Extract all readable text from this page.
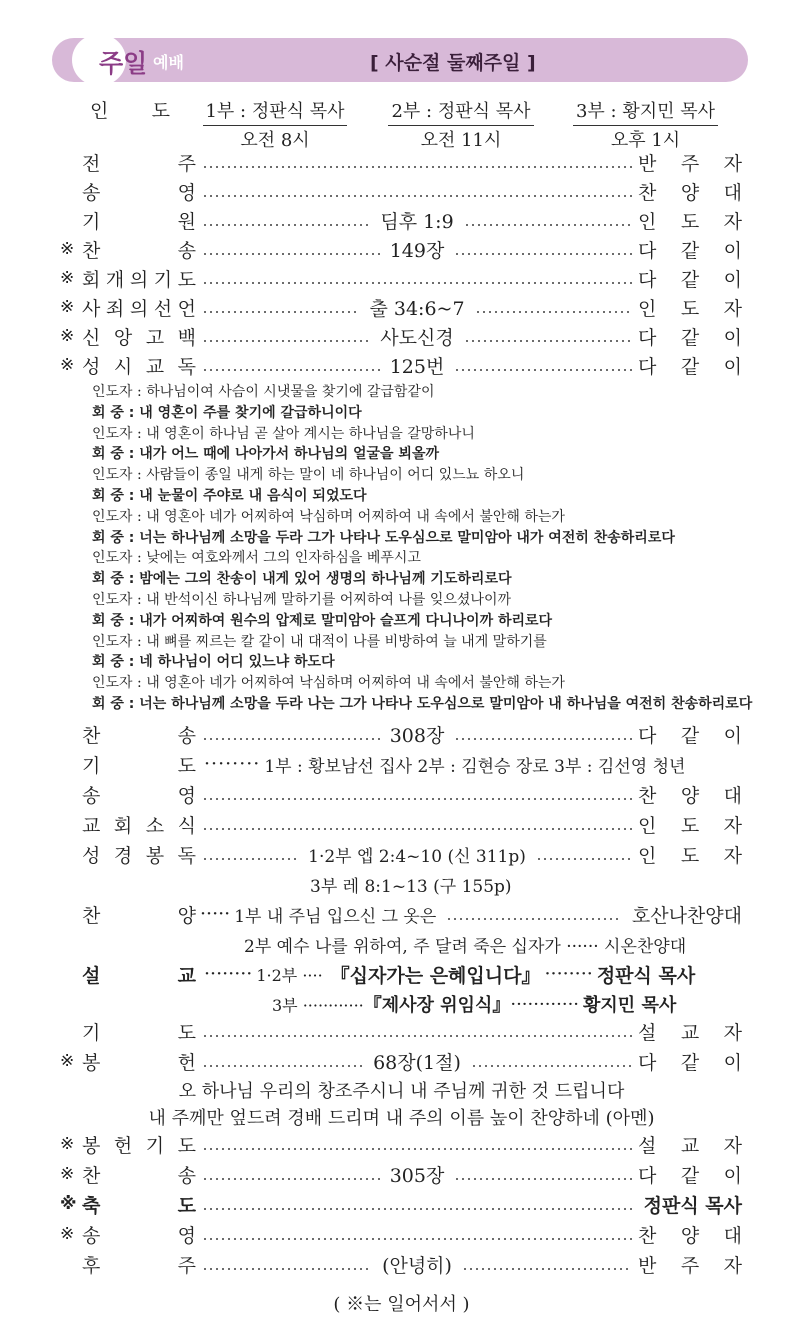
주일 예배	[ 사순절 둘째주일 ]
인 도 1부 : 정판식 목사	2부 : 정판식 목사	3부 : 황지민 목사
오전 8시	오전 11시	오후 1시
전	주	반 주 자
송	영	찬 양 대
기	원	딤후 1:9	인 도 자
※ 찬	송	149장	다 같 이
※ 회 개 의 기 도	다 같 이
※ 사 죄 의 선 언	출 34:6~7	인 도 자
※ 신 앙 고 백	사도신경	다 같 이
※ 성 시 교 독	125번	다 같 이
인도자 : 하나님이여 사슴이 시냇물을 찾기에 갈급함같이
회 중 : 내 영혼이 주를 찾기에 갈급하니이다
인도자 : 내 영혼이 하나님 곧 살아 계시는 하나님을 갈망하나니
회 중 : 내가 어느 때에 나아가서 하나님의 얼굴을 뵈올까
인도자 : 사람들이 종일 내게 하는 말이 네 하나님이 어디 있느뇨 하오니
회 중 : 내 눈물이 주야로 내 음식이 되었도다
인도자 : 내 영혼아 네가 어찌하여 낙심하며 어찌하여 내 속에서 불안해 하는가
회 중 : 너는 하나님께 소망을 두라 그가 나타나 도우심으로 말미암아 내가 여전히 찬송하리로다
인도자 : 낮에는 여호와께서 그의 인자하심을 베푸시고
회 중 : 밤에는 그의 찬송이 내게 있어 생명의 하나님께 기도하리로다
인도자 : 내 반석이신 하나님께 말하기를 어찌하여 나를 잊으셨나이까
회 중 : 내가 어찌하여 원수의 압제로 말미암아 슬프게 다니나이까 하리로다
인도자 : 내 뼈를 찌르는 칼 같이 내 대적이 나를 비방하여 늘 내게 말하기를
회 중 : 네 하나님이 어디 있느냐 하도다
인도자 : 내 영혼아 네가 어찌하여 낙심하며 어찌하여 내 속에서 불안해 하는가
회 중 : 너는 하나님께 소망을 두라 나는 그가 나타나 도우심으로 말미암아 내 하나님을 여전히 찬송하리로다
찬	송	308장	다 같 이
기	도 ········ 1부 : 황보남선 집사 2부 : 김현승 장로 3부 : 김선영 청년
송	영	찬 양 대
교 회 소 식	인 도 자
성 경 봉 독	1·2부 엡 2:4~10 (신 311p)	인 도 자
3부 레 8:1~13 (구 155p)
찬	양 ····· 1부 내 주님 입으신 그 옷은	호산나찬양대
2부 예수 나를 위하여, 주 달려 죽은 십자가 ······ 시온찬양대
설	교 ········ 1·2부 ···· 『십자가는 은혜입니다』 ········ 정판식 목사
3부 ············ 『제사장 위임식』 ············ 황지민 목사
기	도	설 교 자
※ 봉	헌	68장(1절)	다 같 이
오 하나님 우리의 창조주시니 내 주님께 귀한 것 드립니다
내 주께만 엎드려 경배 드리며 내 주의 이름 높이 찬양하네 (아멘)
※ 봉 헌 기 도	설 교 자
※ 찬	송	305장	다 같 이
※ 축	도	정판식 목사
※ 송	영	찬 양 대
후	주	(안녕히)	반 주 자
( ※는 일어서서 )
